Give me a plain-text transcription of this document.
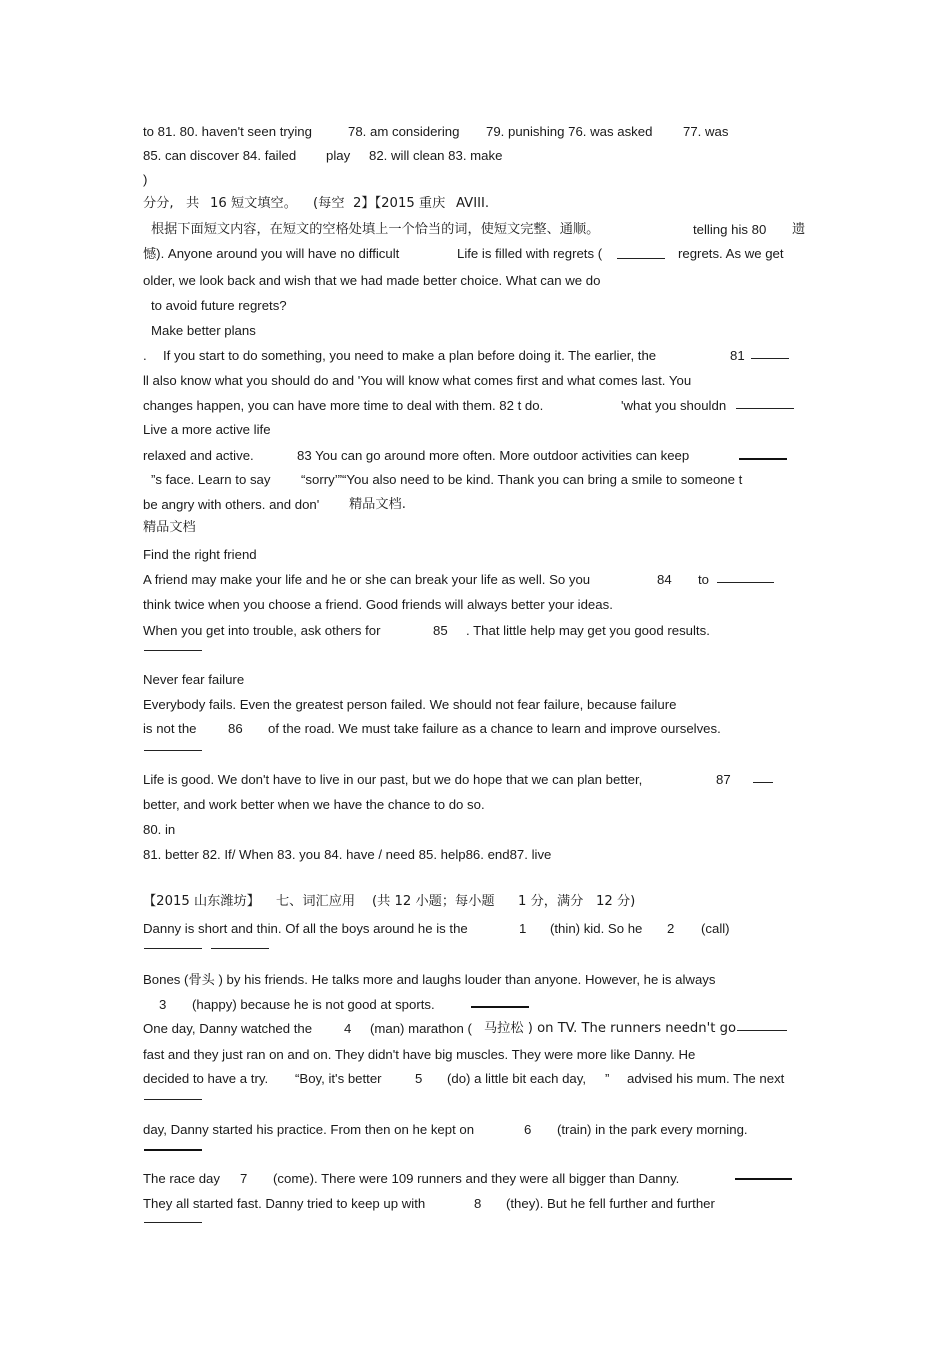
to 81. 80. haven't seen trying	78. am considering 79. punishing 76. was asked 77. was
85. can discover 84. failed play 82. will clean 83. make
)
分分, 共 16 短文填空。 (每空 2】【2015 重庆 AVIII.
根据下面短文内容，在短文的空格处填上一个恰当的词，使短文完整、通顺。	telling his 80 遗
憾). Anyone around you will have no difficult	Life is filled with regrets (	regrets. As we get
older, we look back and wish that we had made better choice. What can we do
to avoid future regrets?
Make better plans
. If you start to do something, you need to make a plan before doing it. The earlier, the	81
ll also know what you should do and 'You will know what comes first and what comes last. You
changes happen, you can have more time to deal with them. 82 t do.	'what you shouldn
Live a more active life
relaxed and active.	83 You can go around more often. More outdoor activities can keep
”s face. Learn to say “sorry’”“You also need to be kind. Thank you can bring a smile to someone t
be angry with others. and don' 精品文档.
精品文档
Find the right friend
A friend may make your life and he or she can break your life as well. So you	84 to
think twice when you choose a friend. Good friends will always better your ideas.
When you get into trouble, ask others for	85 . That little help may get you good results.
Never fear failure
Everybody fails. Even the greatest person failed. We should not fear failure, because failure
is not the 86 of the road. We must take failure as a chance to learn and improve ourselves.
Life is good. We don't have to live in our past, but we do hope that we can plan better,	87
better, and work better when we have the chance to do so.
80. in
81. better 82. If/ When 83. you 84. have / need 85. help86. end87. live
【2015 山东潍坊】 七、词汇应用 (共 12 小题；每小题 1 分，满分 12 分)
Danny is short and thin. Of all the boys around he is the	1 (thin) kid. So he 2 (call)
Bones (骨头 ) by his friends. He talks more and laughs louder than anyone. However, he is always
3 (happy) because he is not good at sports.
One day, Danny watched the 4 (man) marathon ( 马拉松 ) on TV. The runners needn't go
fast and they just ran on and on. They didn't have big muscles. They were more like Danny. He
decided to have a try. “Boy, it's better	5 (do) a little bit each day, ” advised his mum. The next
day, Danny started his practice. From then on he kept on	6 (train) in the park every morning.
The race day 7 (come). There were 109 runners and they were all bigger than Danny.
They all started fast. Danny tried to keep up with	8 (they). But he fell further and further
